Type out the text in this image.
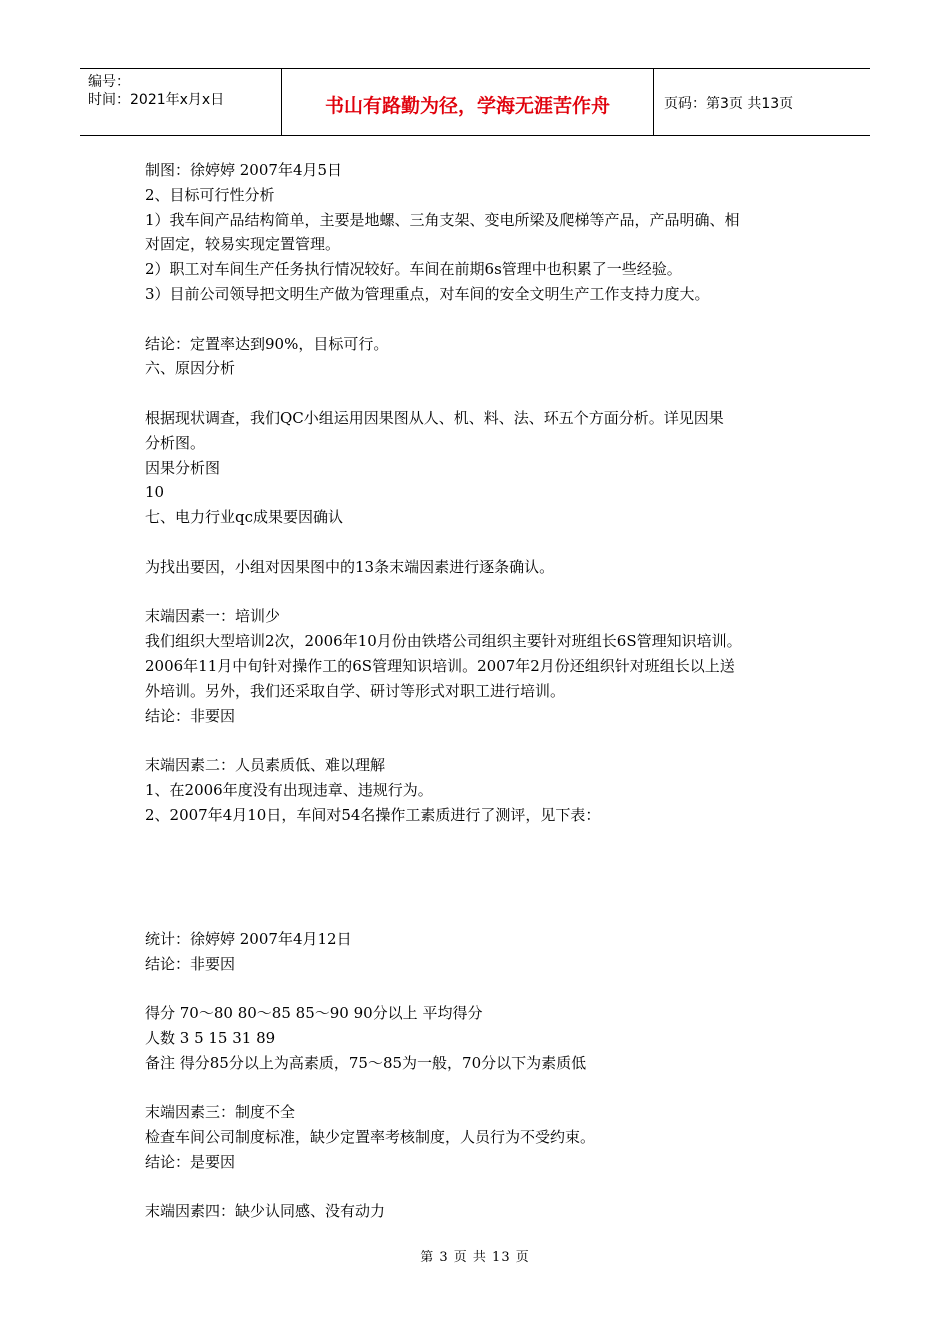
编号：
时间：2021年x月x日	书山有路勤为径，学海无涯苦作舟	页码：第3页 共13页

制图：徐婷婷 2007年4月5日

2、目标可行性分析

1）我车间产品结构简单，主要是地螺、三角支架、变电所梁及爬梯等产品，产品明确、相

对固定，较易实现定置管理。

2）职工对车间生产任务执行情况较好。车间在前期6s管理中也积累了一些经验。

3）目前公司领导把文明生产做为管理重点，对车间的安全文明生产工作支持力度大。

结论：定置率达到90%，目标可行。

六、原因分析

根据现状调查，我们QC小组运用因果图从人、机、料、法、环五个方面分析。详见因果

分析图。

因果分析图

10

七、电力行业qc成果要因确认

为找出要因，小组对因果图中的13条末端因素进行逐条确认。

末端因素一：培训少

我们组织大型培训2次，2006年10月份由铁塔公司组织主要针对班组长6S管理知识培训。

2006年11月中旬针对操作工的6S管理知识培训。2007年2月份还组织针对班组长以上送

外培训。另外，我们还采取自学、研讨等形式对职工进行培训。

结论：非要因

末端因素二：人员素质低、难以理解

1、在2006年度没有出现违章、违规行为。

2、2007年4月10日，车间对54名操作工素质进行了测评，见下表：

统计：徐婷婷 2007年4月12日

结论：非要因

得分 70～80 80～85 85～90 90分以上 平均得分

人数 3 5 15 31 89

备注 得分85分以上为高素质，75～85为一般，70分以下为素质低

末端因素三：制度不全

检查车间公司制度标准，缺少定置率考核制度，人员行为不受约束。

结论：是要因

末端因素四：缺少认同感、没有动力

第 3 页 共 13 页
